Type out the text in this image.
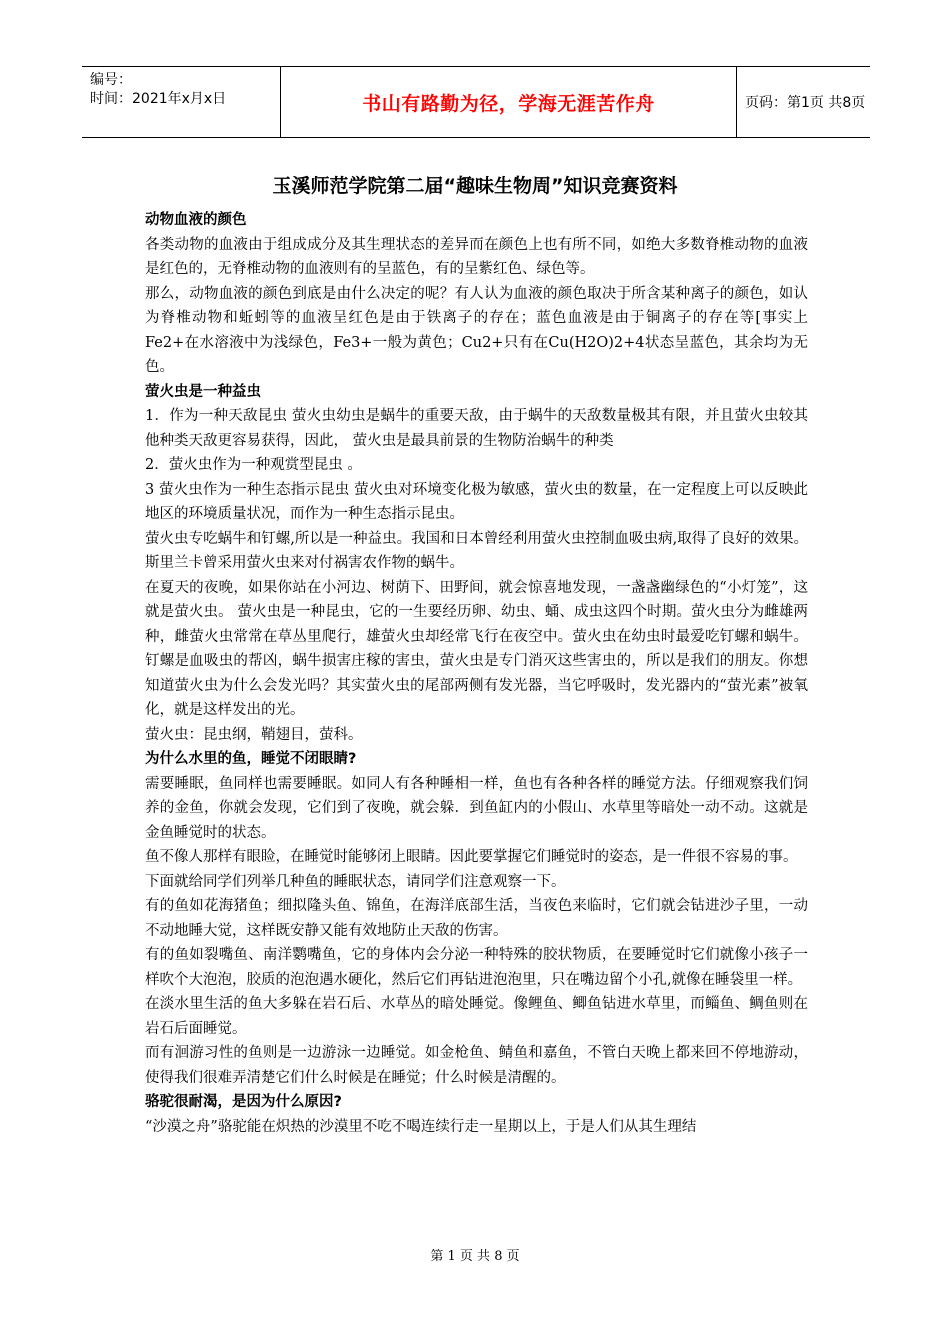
编号：
时间：2021年x月x日	书山有路勤为径，学海无涯苦作舟	页码：第1页 共8页
玉溪师范学院第二届“趣味生物周”知识竞赛资料
动物血液的颜色

各类动物的血液由于组成成分及其生理状态的差异而在颜色上也有所不同，如绝大多数脊椎动物的血液是红色的，无脊椎动物的血液则有的呈蓝色，有的呈紫红色、绿色等。

那么，动物血液的颜色到底是由什么决定的呢？有人认为血液的颜色取决于所含某种离子的颜色，如认为脊椎动物和蚯蚓等的血液呈红色是由于铁离子的存在；蓝色血液是由于铜离子的存在等[事实上Fe2+在水溶液中为浅绿色，Fe3+一般为黄色；Cu2+只有在Cu(H2O)2+4状态呈蓝色，其余均为无色。

萤火虫是一种益虫

1．作为一种天敌昆虫 萤火虫幼虫是蜗牛的重要天敌，由于蜗牛的天敌数量极其有限，并且萤火虫较其他种类天敌更容易获得，因此， 萤火虫是最具前景的生物防治蜗牛的种类

2．萤火虫作为一种观赏型昆虫 。

3 萤火虫作为一种生态指示昆虫 萤火虫对环境变化极为敏感，萤火虫的数量，在一定程度上可以反映此地区的环境质量状况，而作为一种生态指示昆虫。

萤火虫专吃蜗牛和钉螺,所以是一种益虫。我国和日本曾经利用萤火虫控制血吸虫病,取得了良好的效果。斯里兰卡曾采用萤火虫来对付祸害农作物的蜗牛。

在夏天的夜晚，如果你站在小河边、树荫下、田野间，就会惊喜地发现，一盏盏幽绿色的“小灯笼”，这就是萤火虫。 萤火虫是一种昆虫，它的一生要经历卵、幼虫、蛹、成虫这四个时期。萤火虫分为雌雄两种，雌萤火虫常常在草丛里爬行，雄萤火虫却经常飞行在夜空中。萤火虫在幼虫时最爱吃钉螺和蜗牛。钉螺是血吸虫的帮凶，蜗牛损害庄稼的害虫，萤火虫是专门消灭这些害虫的，所以是我们的朋友。你想知道萤火虫为什么会发光吗？其实萤火虫的尾部两侧有发光器，当它呼吸时，发光器内的“萤光素”被氧化，就是这样发出的光。

萤火虫：昆虫纲，鞘翅目，萤科。

为什么水里的鱼，睡觉不闭眼睛?

需要睡眠，鱼同样也需要睡眠。如同人有各种睡相一样，鱼也有各种各样的睡觉方法。仔细观察我们饲养的金鱼，你就会发现，它们到了夜晚，就会躲．到鱼缸内的小假山、水草里等暗处一动不动。这就是金鱼睡觉时的状态。

鱼不像人那样有眼睑，在睡觉时能够闭上眼睛。因此要掌握它们睡觉时的姿态，是一件很不容易的事。

下面就给同学们列举几种鱼的睡眠状态，请同学们注意观察一下。

有的鱼如花海猪鱼；细拟隆头鱼、锦鱼，在海洋底部生活，当夜色来临时，它们就会钻进沙子里，一动不动地睡大觉，这样既安静又能有效地防止天敌的伤害。

有的鱼如裂嘴鱼、南洋鹦嘴鱼，它的身体内会分泌一种特殊的胶状物质，在要睡觉时它们就像小孩子一样吹个大泡泡，胶质的泡泡遇水硬化，然后它们再钻进泡泡里，只在嘴边留个小孔,就像在睡袋里一样。

在淡水里生活的鱼大多躲在岩石后、水草丛的暗处睡觉。像鲤鱼、鲫鱼钻进水草里，而鲻鱼、鲷鱼则在岩石后面睡觉。

而有洄游习性的鱼则是一边游泳一边睡觉。如金枪鱼、鲭鱼和嘉鱼，不管白天晚上都来回不停地游动，使得我们很难弄清楚它们什么时候是在睡觉；什么时候是清醒的。

骆驼很耐渴，是因为什么原因?

“沙漠之舟”骆驼能在炽热的沙漠里不吃不喝连续行走一星期以上，于是人们从其生理结

第 1 页 共 8 页
